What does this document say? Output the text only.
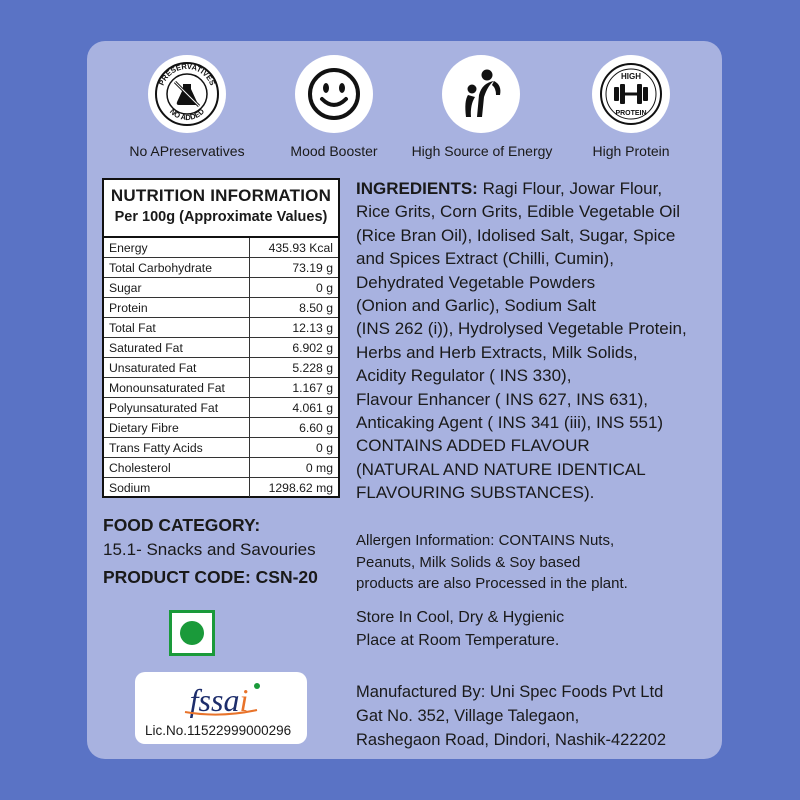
PRESERVATIVES
NO ADDED
HIGH
PROTEIN
No APreservatives	Mood Booster	High Source of Energy	High Protein
NUTRITION INFORMATION
Per 100g (Approximate Values)
Energy	435.93 Kcal
Total Carbohydrate	73.19 g
Sugar	0 g
Protein	8.50 g
Total Fat	12.13 g
Saturated Fat	6.902 g
Unsaturated Fat	5.228 g
Monounsaturated Fat	1.167 g
Polyunsaturated Fat	4.061 g
Dietary Fibre	6.60 g
Trans Fatty Acids	0 g
Cholesterol	0 mg
Sodium	1298.62 mg
INGREDIENTS: Ragi Flour, Jowar Flour,
Rice Grits, Corn Grits, Edible Vegetable Oil
(Rice Bran Oil), Idolised Salt, Sugar, Spice
and Spices Extract (Chilli, Cumin),
Dehydrated Vegetable Powders
(Onion and Garlic), Sodium Salt
(INS 262 (i)), Hydrolysed Vegetable Protein,
Herbs and Herb Extracts, Milk Solids,
Acidity Regulator ( INS 330),
Flavour Enhancer ( INS 627, INS 631),
Anticaking Agent ( INS 341 (iii), INS 551)
CONTAINS ADDED FLAVOUR
(NATURAL AND NATURE IDENTICAL
FLAVOURING SUBSTANCES).
FOOD CATEGORY:
15.1- Snacks and Savouries
PRODUCT CODE: CSN-20
Allergen Information: CONTAINS Nuts,
Peanuts, Milk Solids & Soy based
products are also Processed in the plant.
Store In Cool, Dry & Hygienic
Place at Room Temperature.
Manufactured By: Uni Spec Foods Pvt Ltd
Gat No. 352, Village Talegaon,
Rashegaon Road, Dindori, Nashik-422202
fssai
Lic.No.11522999000296
